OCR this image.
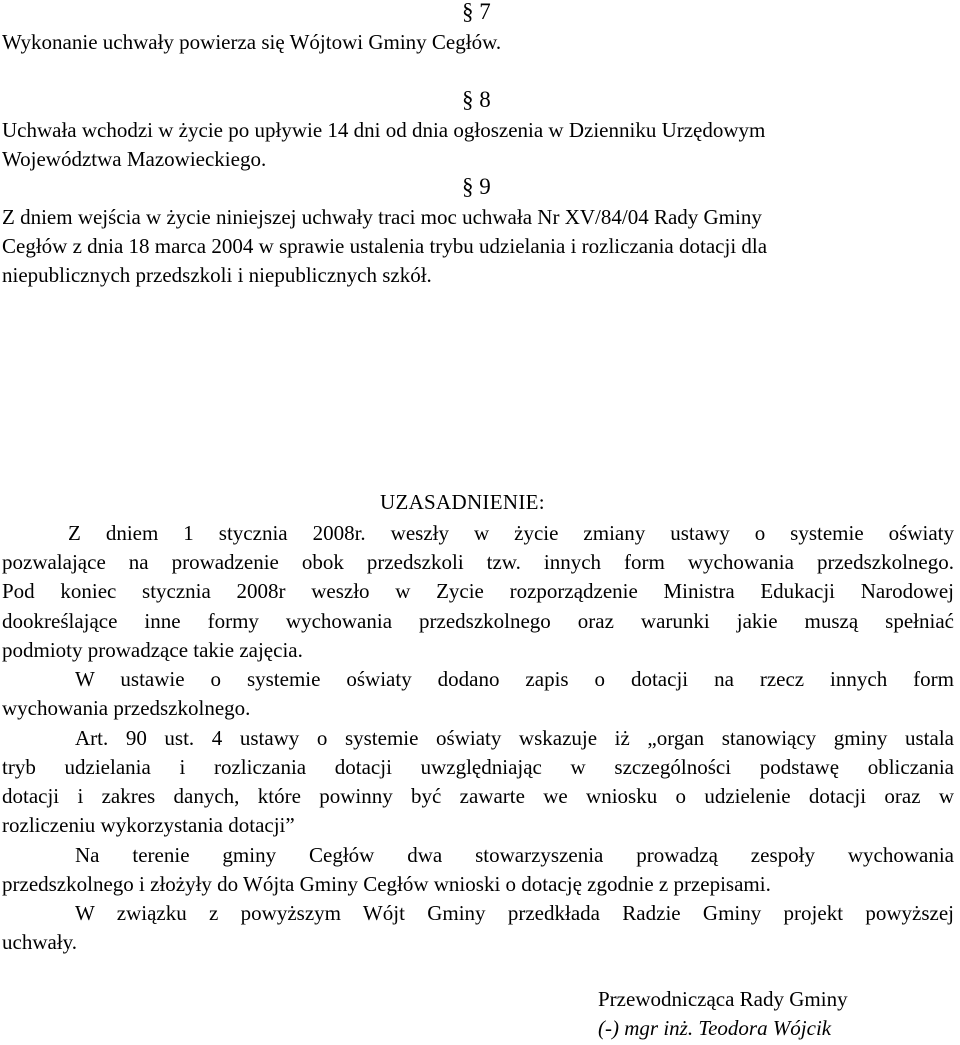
§ 7
Wykonanie uchwały powierza się Wójtowi Gminy Cegłów.
§ 8
Uchwała wchodzi w życie po upływie 14 dni od dnia ogłoszenia w Dzienniku Urzędowym
Województwa Mazowieckiego.
§ 9
Z dniem wejścia w życie niniejszej uchwały traci moc uchwała Nr XV/84/04 Rady Gminy
Cegłów z dnia 18 marca 2004 w sprawie ustalenia trybu udzielania i rozliczania dotacji dla
niepublicznych przedszkoli i niepublicznych szkół.
UZASADNIENIE:
Z dniem 1 stycznia 2008r. weszły w życie zmiany ustawy o systemie oświaty
pozwalające na prowadzenie obok przedszkoli tzw. innych form wychowania przedszkolnego.
Pod koniec stycznia 2008r weszło w Zycie rozporządzenie Ministra Edukacji Narodowej
dookreślające inne formy wychowania przedszkolnego oraz warunki jakie muszą spełniać
podmioty prowadzące takie zajęcia.
W ustawie o systemie oświaty dodano zapis o dotacji na rzecz innych form
wychowania przedszkolnego.
Art. 90 ust. 4 ustawy o systemie oświaty wskazuje iż „organ stanowiący gminy ustala
tryb udzielania i rozliczania dotacji uwzględniając w szczególności podstawę obliczania
dotacji i zakres danych, które powinny być zawarte we wniosku o udzielenie dotacji oraz w
rozliczeniu wykorzystania dotacji”
Na terenie gminy Cegłów dwa stowarzyszenia prowadzą zespoły wychowania
przedszkolnego i złożyły do Wójta Gminy Cegłów wnioski o dotację zgodnie z przepisami.
W związku z powyższym Wójt Gminy przedkłada Radzie Gminy projekt powyższej
uchwały.
Przewodnicząca Rady Gminy
(-) mgr inż. Teodora Wójcik
